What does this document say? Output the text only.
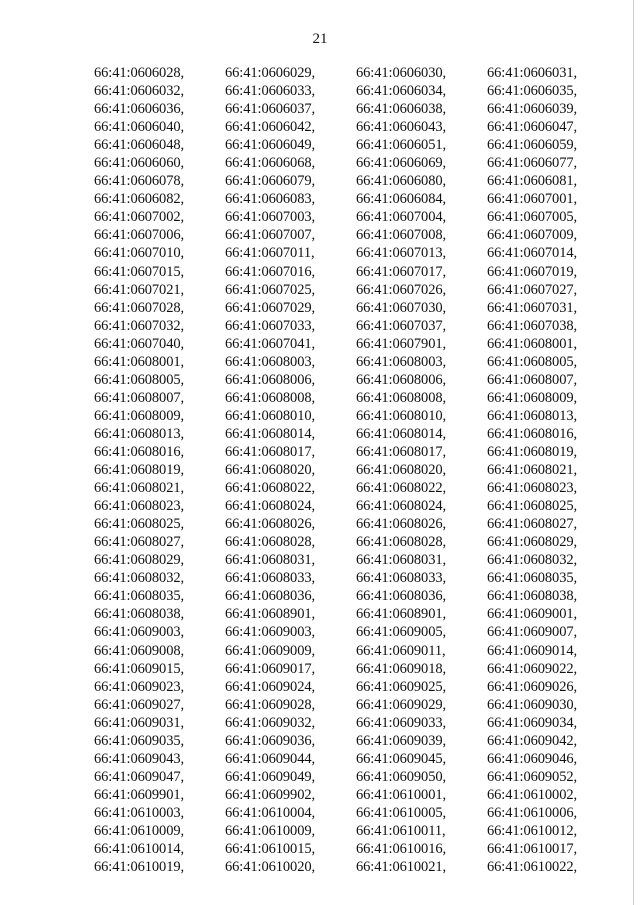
21
66:41:0606028,	66:41:0606029,	66:41:0606030,	66:41:0606031,
66:41:0606032,	66:41:0606033,	66:41:0606034,	66:41:0606035,
66:41:0606036,	66:41:0606037,	66:41:0606038,	66:41:0606039,
66:41:0606040,	66:41:0606042,	66:41:0606043,	66:41:0606047,
66:41:0606048,	66:41:0606049,	66:41:0606051,	66:41:0606059,
66:41:0606060,	66:41:0606068,	66:41:0606069,	66:41:0606077,
66:41:0606078,	66:41:0606079,	66:41:0606080,	66:41:0606081,
66:41:0606082,	66:41:0606083,	66:41:0606084,	66:41:0607001,
66:41:0607002,	66:41:0607003,	66:41:0607004,	66:41:0607005,
66:41:0607006,	66:41:0607007,	66:41:0607008,	66:41:0607009,
66:41:0607010,	66:41:0607011,	66:41:0607013,	66:41:0607014,
66:41:0607015,	66:41:0607016,	66:41:0607017,	66:41:0607019,
66:41:0607021,	66:41:0607025,	66:41:0607026,	66:41:0607027,
66:41:0607028,	66:41:0607029,	66:41:0607030,	66:41:0607031,
66:41:0607032,	66:41:0607033,	66:41:0607037,	66:41:0607038,
66:41:0607040,	66:41:0607041,	66:41:0607901,	66:41:0608001,
66:41:0608001,	66:41:0608003,	66:41:0608003,	66:41:0608005,
66:41:0608005,	66:41:0608006,	66:41:0608006,	66:41:0608007,
66:41:0608007,	66:41:0608008,	66:41:0608008,	66:41:0608009,
66:41:0608009,	66:41:0608010,	66:41:0608010,	66:41:0608013,
66:41:0608013,	66:41:0608014,	66:41:0608014,	66:41:0608016,
66:41:0608016,	66:41:0608017,	66:41:0608017,	66:41:0608019,
66:41:0608019,	66:41:0608020,	66:41:0608020,	66:41:0608021,
66:41:0608021,	66:41:0608022,	66:41:0608022,	66:41:0608023,
66:41:0608023,	66:41:0608024,	66:41:0608024,	66:41:0608025,
66:41:0608025,	66:41:0608026,	66:41:0608026,	66:41:0608027,
66:41:0608027,	66:41:0608028,	66:41:0608028,	66:41:0608029,
66:41:0608029,	66:41:0608031,	66:41:0608031,	66:41:0608032,
66:41:0608032,	66:41:0608033,	66:41:0608033,	66:41:0608035,
66:41:0608035,	66:41:0608036,	66:41:0608036,	66:41:0608038,
66:41:0608038,	66:41:0608901,	66:41:0608901,	66:41:0609001,
66:41:0609003,	66:41:0609003,	66:41:0609005,	66:41:0609007,
66:41:0609008,	66:41:0609009,	66:41:0609011,	66:41:0609014,
66:41:0609015,	66:41:0609017,	66:41:0609018,	66:41:0609022,
66:41:0609023,	66:41:0609024,	66:41:0609025,	66:41:0609026,
66:41:0609027,	66:41:0609028,	66:41:0609029,	66:41:0609030,
66:41:0609031,	66:41:0609032,	66:41:0609033,	66:41:0609034,
66:41:0609035,	66:41:0609036,	66:41:0609039,	66:41:0609042,
66:41:0609043,	66:41:0609044,	66:41:0609045,	66:41:0609046,
66:41:0609047,	66:41:0609049,	66:41:0609050,	66:41:0609052,
66:41:0609901,	66:41:0609902,	66:41:0610001,	66:41:0610002,
66:41:0610003,	66:41:0610004,	66:41:0610005,	66:41:0610006,
66:41:0610009,	66:41:0610009,	66:41:0610011,	66:41:0610012,
66:41:0610014,	66:41:0610015,	66:41:0610016,	66:41:0610017,
66:41:0610019,	66:41:0610020,	66:41:0610021,	66:41:0610022,
